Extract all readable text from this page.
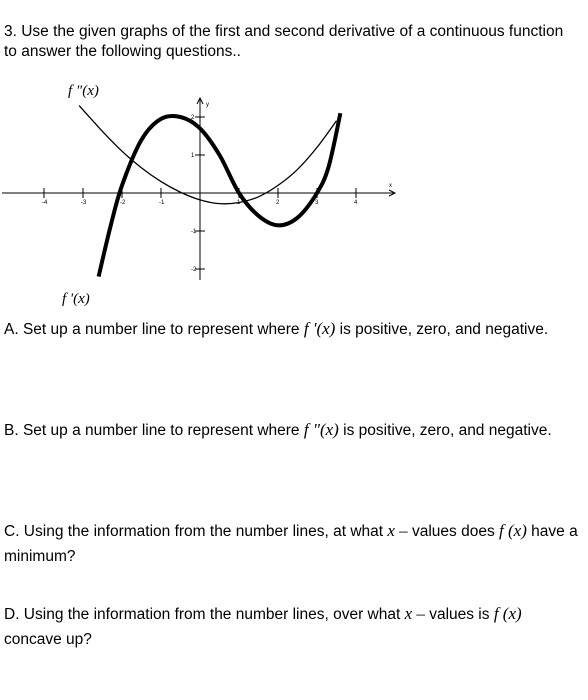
3. Use the given graphs of the first and second derivative of a continuous function to answer the following questions..
-4	-3	-2	-1	1	2	3	4
2
1
-1
-2
x
y
f "(x)
f '(x)
A. Set up a number line to represent where f '(x) is positive, zero, and negative.
B. Set up a number line to represent where f "(x) is positive, zero, and negative.
C. Using the information from the number lines, at what x – values does f (x) have a minimum?
D. Using the information from the number lines, over what x – values is f (x) concave up?
